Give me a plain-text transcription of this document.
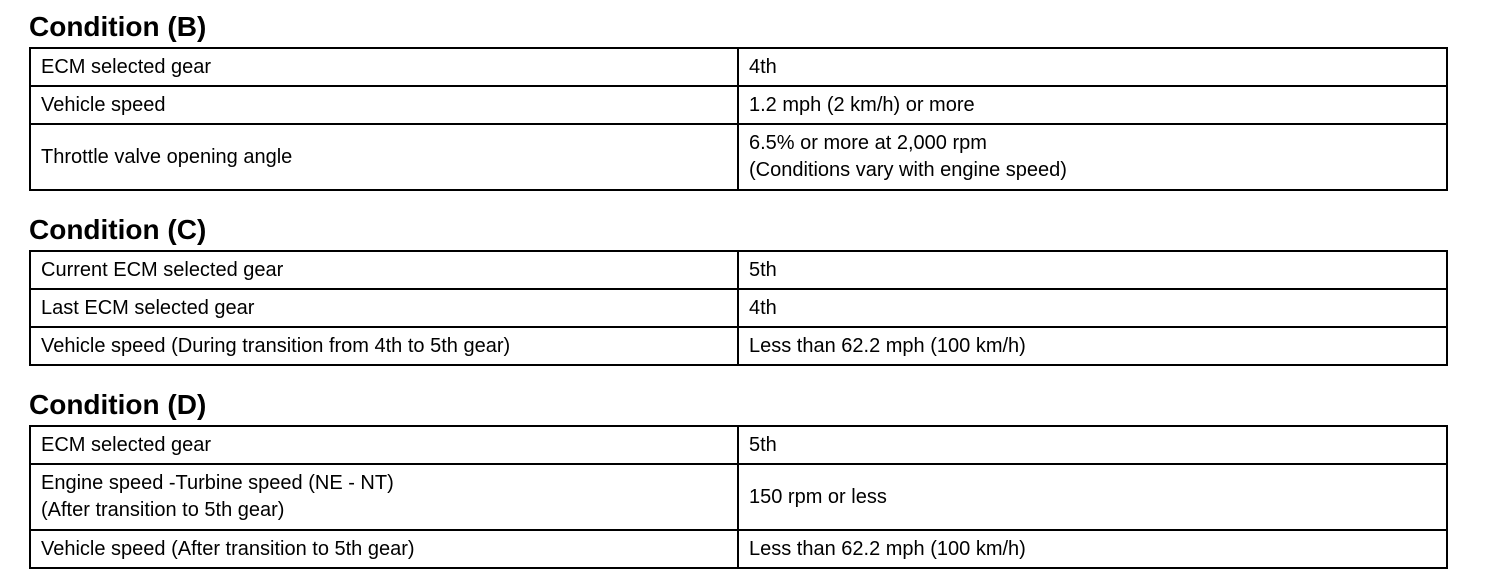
Condition (B)
ECM selected gear	4th
Vehicle speed	1.2 mph (2 km/h) or more
Throttle valve opening angle	6.5% or more at 2,000 rpm
(Conditions vary with engine speed)
Condition (C)
Current ECM selected gear	5th
Last ECM selected gear	4th
Vehicle speed (During transition from 4th to 5th gear)	Less than 62.2 mph (100 km/h)
Condition (D)
ECM selected gear	5th
Engine speed -Turbine speed (NE - NT)
(After transition to 5th gear)	150 rpm or less
Vehicle speed (After transition to 5th gear)	Less than 62.2 mph (100 km/h)
